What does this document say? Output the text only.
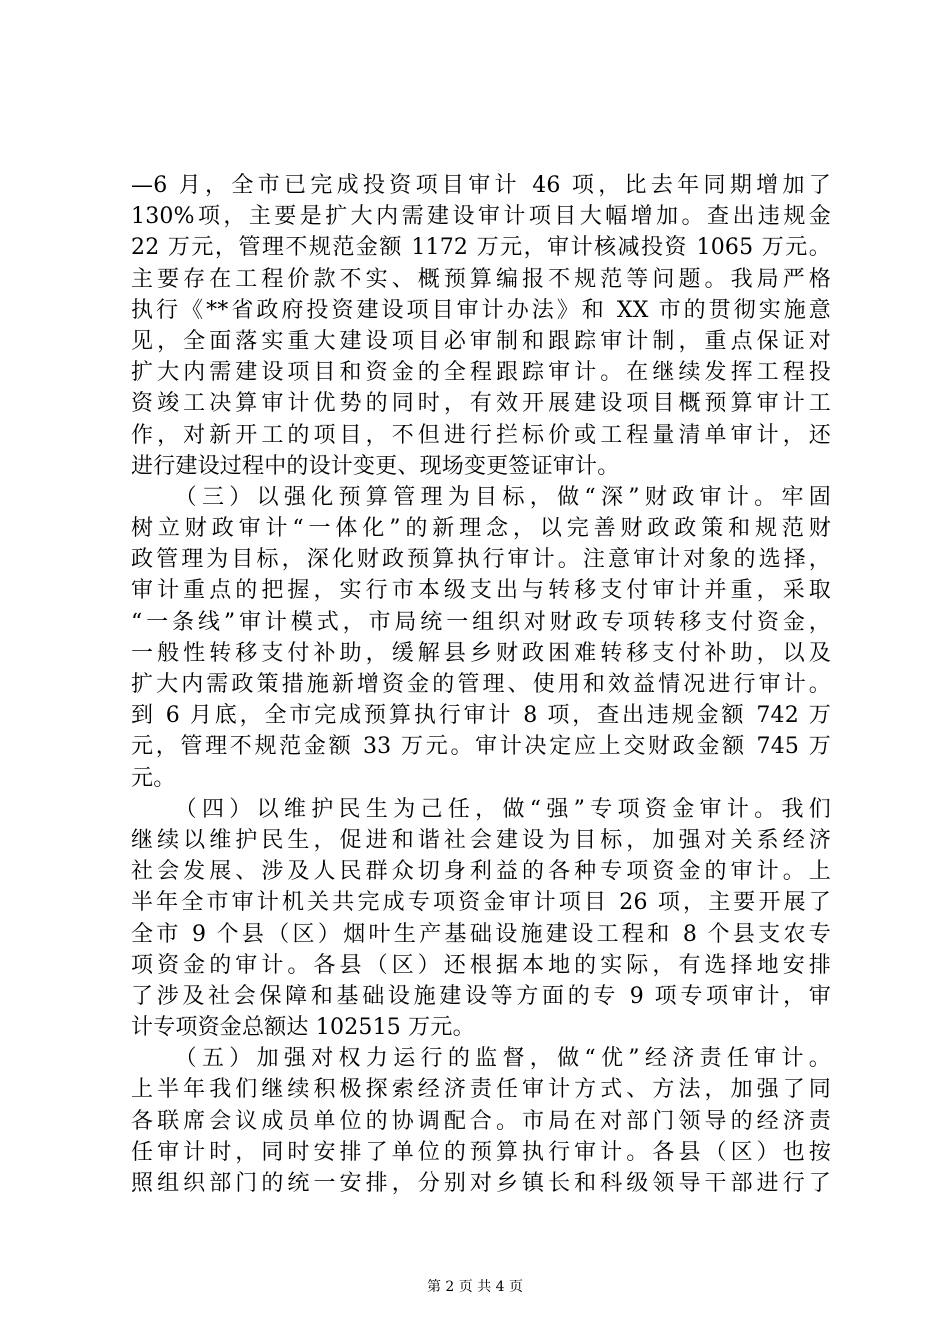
—6 月，全市已完成投资项目审计 46 项，比去年同期增加了
130%项，主要是扩大内需建设审计项目大幅增加。查出违规金
22 万元，管理不规范金额 1172 万元，审计核减投资 1065 万元。
主要存在工程价款不实、概预算编报不规范等问题。我局严格
执行《**省政府投资建设项目审计办法》和 XX 市的贯彻实施意
见，全面落实重大建设项目必审制和跟踪审计制，重点保证对
扩大内需建设项目和资金的全程跟踪审计。在继续发挥工程投
资竣工决算审计优势的同时，有效开展建设项目概预算审计工
作，对新开工的项目，不但进行拦标价或工程量清单审计，还
进行建设过程中的设计变更、现场变更签证审计。
　　（三）以强化预算管理为目标，做“深”财政审计。牢固
树立财政审计“一体化”的新理念，以完善财政政策和规范财
政管理为目标，深化财政预算执行审计。注意审计对象的选择，
审计重点的把握，实行市本级支出与转移支付审计并重，采取
“一条线”审计模式，市局统一组织对财政专项转移支付资金，
一般性转移支付补助，缓解县乡财政困难转移支付补助，以及
扩大内需政策措施新增资金的管理、使用和效益情况进行审计。
到 6 月底，全市完成预算执行审计 8 项，查出违规金额 742 万
元，管理不规范金额 33 万元。审计决定应上交财政金额 745 万
元。
　　（四）以维护民生为己任，做“强”专项资金审计。我们
继续以维护民生，促进和谐社会建设为目标，加强对关系经济
社会发展、涉及人民群众切身利益的各种专项资金的审计。上
半年全市审计机关共完成专项资金审计项目 26 项，主要开展了
全市 9 个县（区）烟叶生产基础设施建设工程和 8 个县支农专
项资金的审计。各县（区）还根据本地的实际，有选择地安排
了涉及社会保障和基础设施建设等方面的专 9 项专项审计，审
计专项资金总额达 102515 万元。
　　（五）加强对权力运行的监督，做“优”经济责任审计。
上半年我们继续积极探索经济责任审计方式、方法，加强了同
各联席会议成员单位的协调配合。市局在对部门领导的经济责
任审计时，同时安排了单位的预算执行审计。各县（区）也按
照组织部门的统一安排，分别对乡镇长和科级领导干部进行了
第 2 页 共 4 页
